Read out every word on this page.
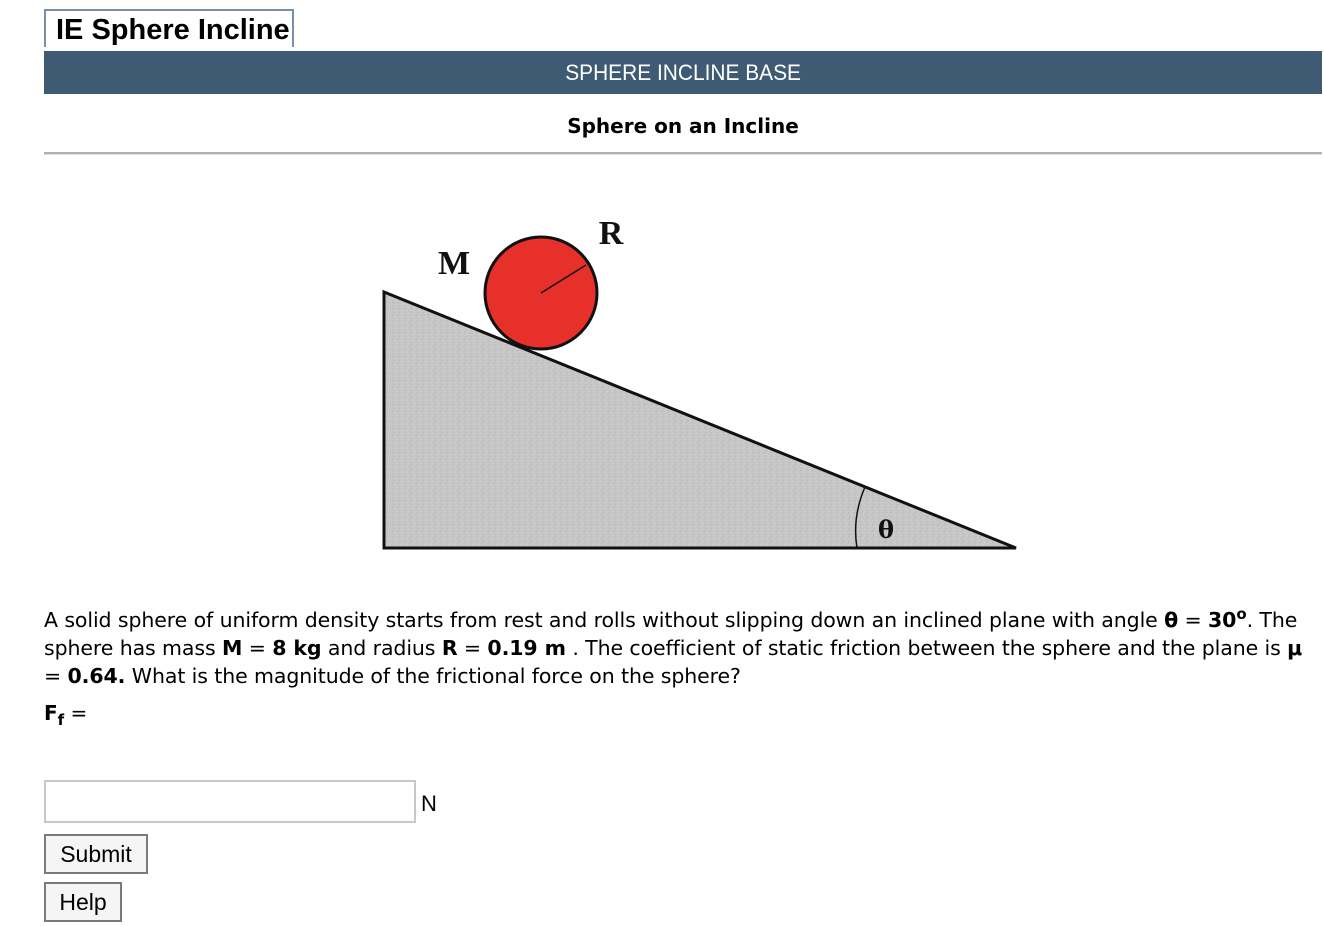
IE Sphere Incline
SPHERE INCLINE BASE
Sphere on an Incline
θ
M
R
A solid sphere of uniform density starts from rest and rolls without slipping down an inclined plane with angle $\theta = 30^o$. The sphere has mass M = 8 kg and radius R = 0.19 m . The coefficient of static friction between the sphere and the plane is μ = 0.64. What is the magnitude of the frictional force on the sphere?
$F_f$ =
N
Submit
Help
